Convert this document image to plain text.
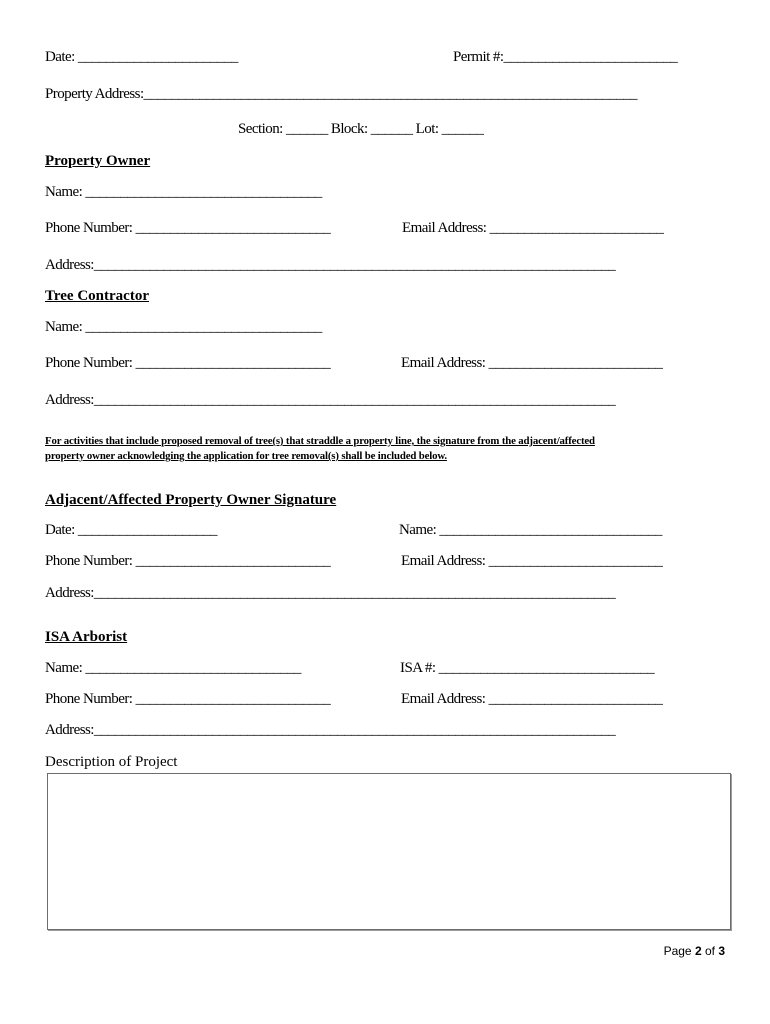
Date: _______________________	Permit #:_________________________
Property Address:_______________________________________________________________________
Section: ______ Block: ______ Lot: ______
Property Owner
Name: __________________________________
Phone Number: ____________________________	Email Address: _________________________
Address:___________________________________________________________________________
Tree Contractor
Name: __________________________________
Phone Number: ____________________________	Email Address: _________________________
Address:___________________________________________________________________________
For activities that include proposed removal of tree(s) that straddle a property line, the signature from the adjacent/affected
property owner acknowledging the application for tree removal(s) shall be included below.
Adjacent/Affected Property Owner Signature
Date: ____________________	Name: ________________________________
Phone Number: ____________________________	Email Address: _________________________
Address:___________________________________________________________________________
ISA Arborist
Name: _______________________________	ISA #: _______________________________
Phone Number: ____________________________	Email Address: _________________________
Address:___________________________________________________________________________
Description of Project
Page 2 of 3
